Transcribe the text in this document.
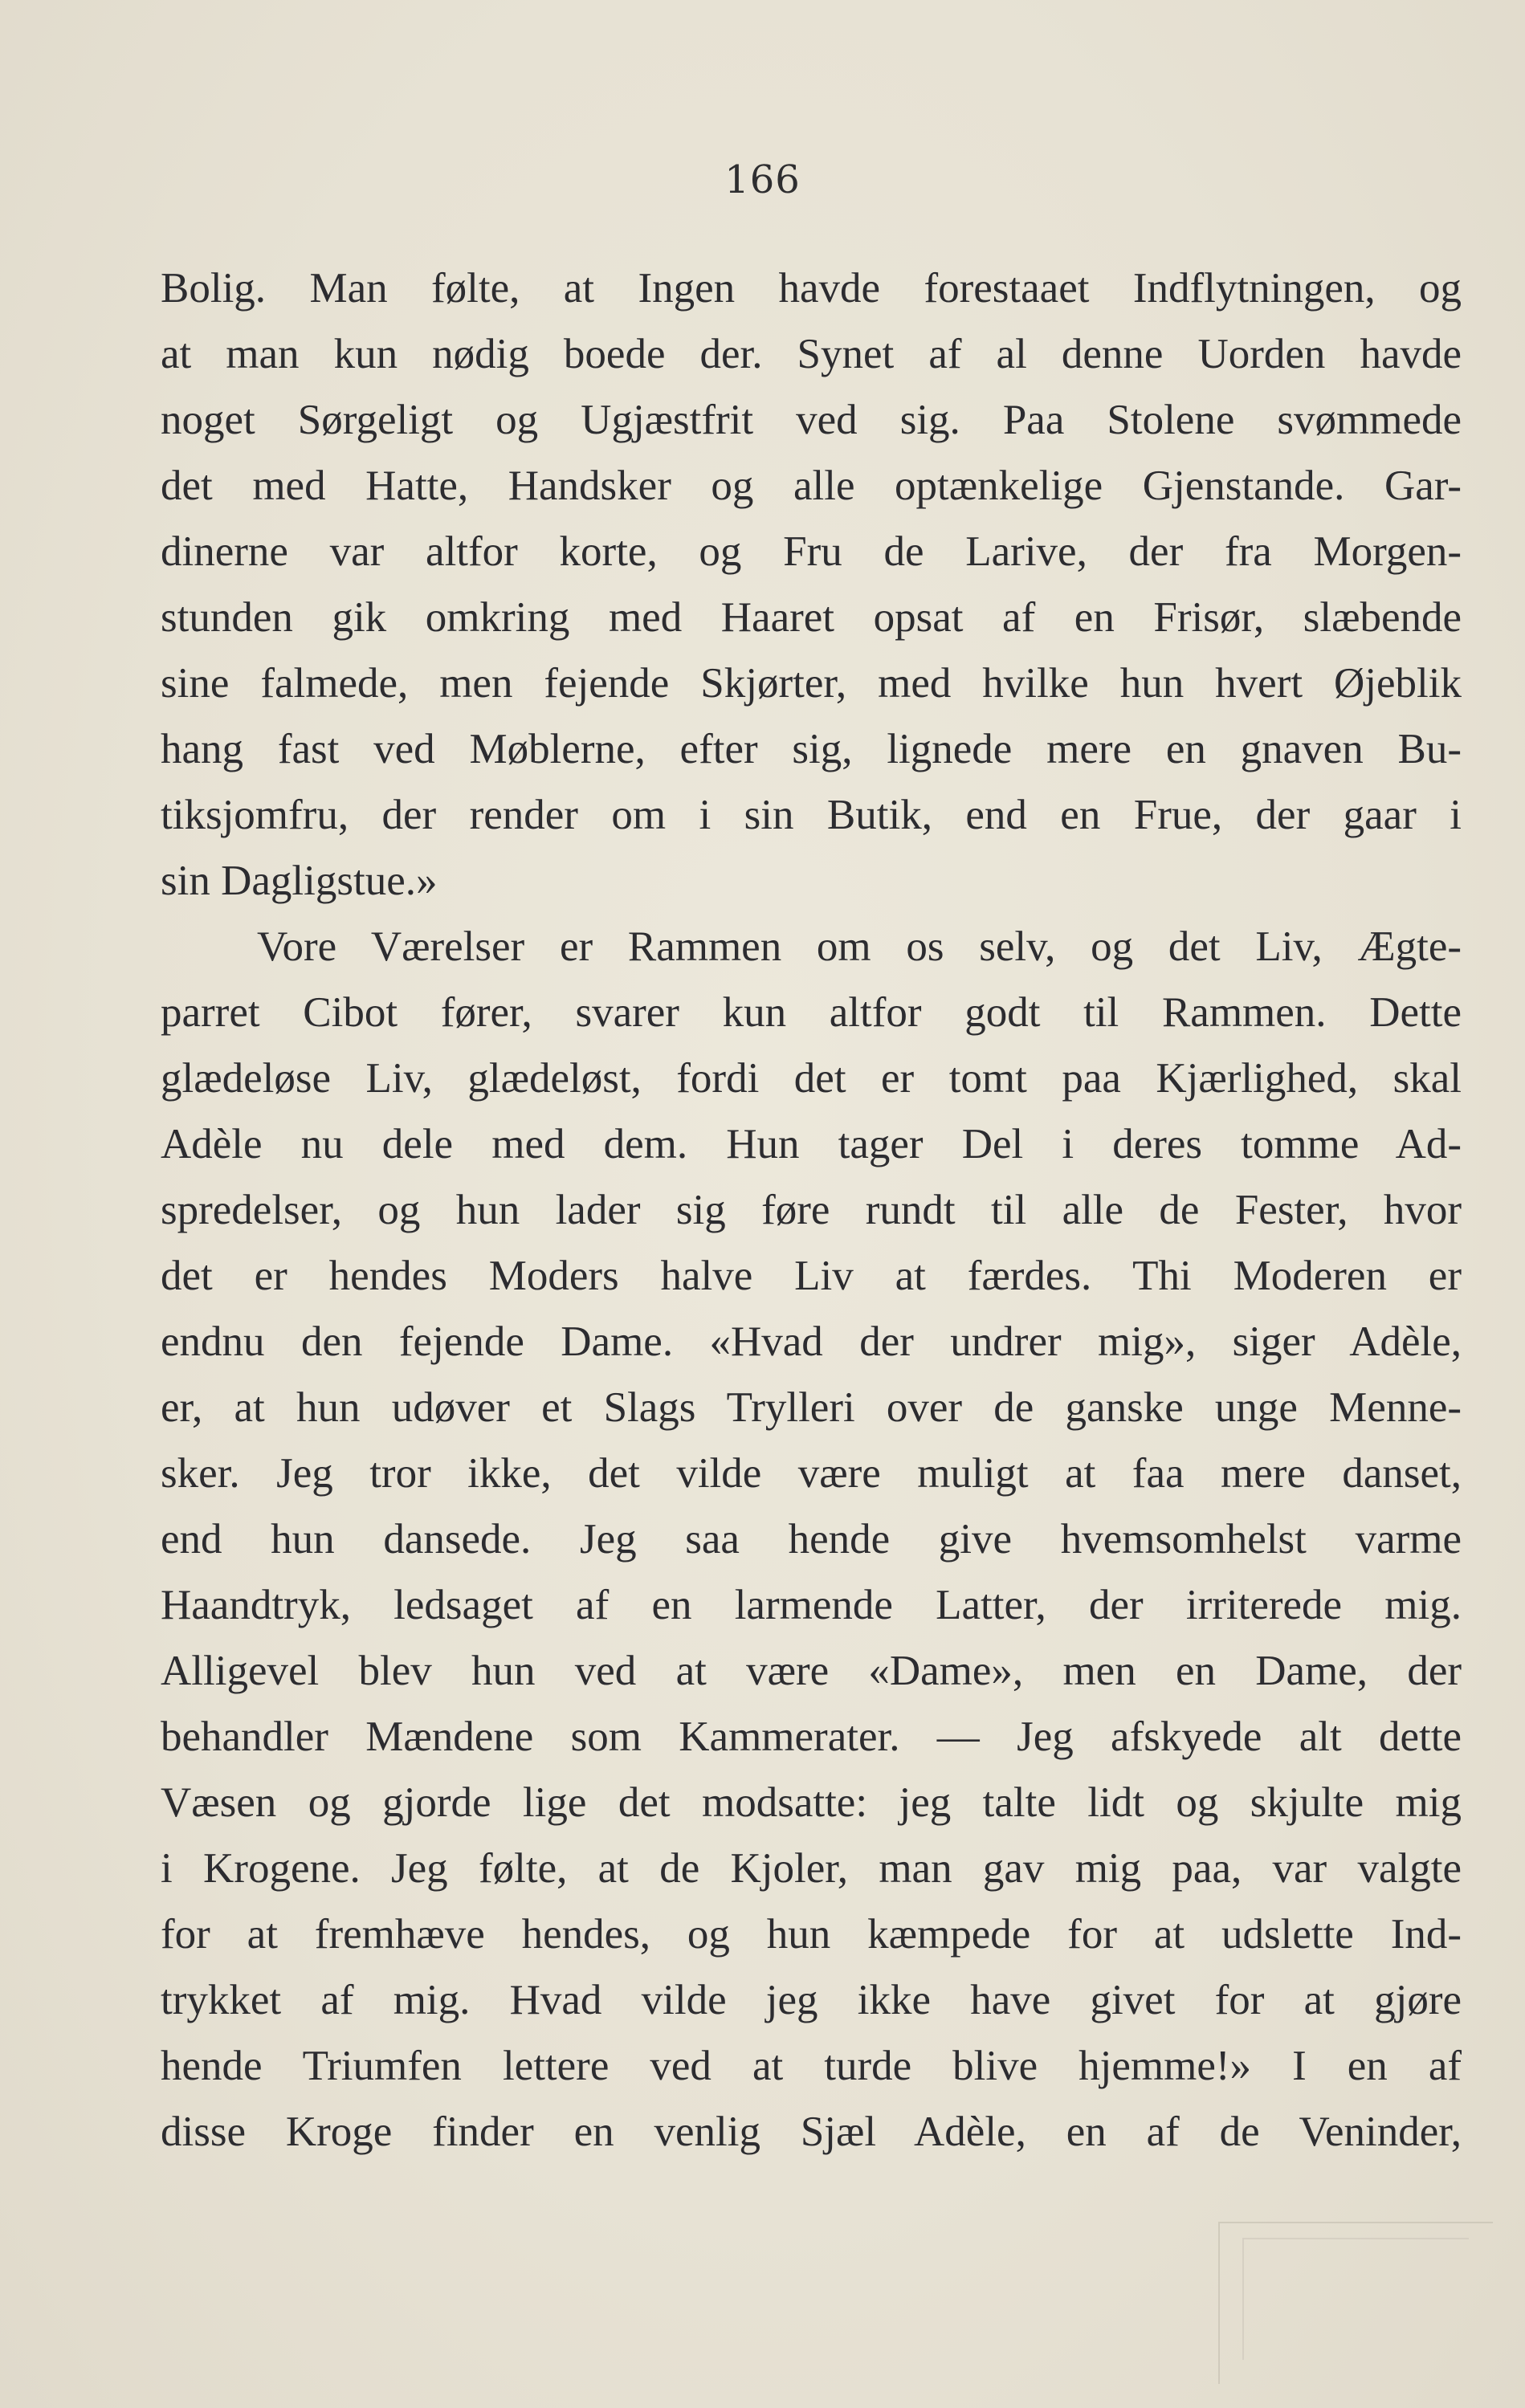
166
Bolig. Man følte, at Ingen havde forestaaet Indflytningen, og
at man kun nødig boede der. Synet af al denne Uorden havde
noget Sørgeligt og Ugjæstfrit ved sig. Paa Stolene svømmede
det med Hatte, Handsker og alle optænkelige Gjenstande. Gar-
dinerne var altfor korte, og Fru de Larive, der fra Morgen-
stunden gik omkring med Haaret opsat af en Frisør, slæbende
sine falmede, men fejende Skjørter, med hvilke hun hvert Øjeblik
hang fast ved Møblerne, efter sig, lignede mere en gnaven Bu-
tiksjomfru, der render om i sin Butik, end en Frue, der gaar i
sin Dagligstue.»
Vore Værelser er Rammen om os selv, og det Liv, Ægte-
parret Cibot fører, svarer kun altfor godt til Rammen. Dette
glædeløse Liv, glædeløst, fordi det er tomt paa Kjærlighed, skal
Adèle nu dele med dem. Hun tager Del i deres tomme Ad-
spredelser, og hun lader sig føre rundt til alle de Fester, hvor
det er hendes Moders halve Liv at færdes. Thi Moderen er
endnu den fejende Dame. «Hvad der undrer mig», siger Adèle,
er, at hun udøver et Slags Trylleri over de ganske unge Menne-
sker. Jeg tror ikke, det vilde være muligt at faa mere danset,
end hun dansede. Jeg saa hende give hvemsomhelst varme
Haandtryk, ledsaget af en larmende Latter, der irriterede mig.
Alligevel blev hun ved at være «Dame», men en Dame, der
behandler Mændene som Kammerater. — Jeg afskyede alt dette
Væsen og gjorde lige det modsatte: jeg talte lidt og skjulte mig
i Krogene. Jeg følte, at de Kjoler, man gav mig paa, var valgte
for at fremhæve hendes, og hun kæmpede for at udslette Ind-
trykket af mig. Hvad vilde jeg ikke have givet for at gjøre
hende Triumfen lettere ved at turde blive hjemme!» I en af
disse Kroge finder en venlig Sjæl Adèle, en af de Veninder,
